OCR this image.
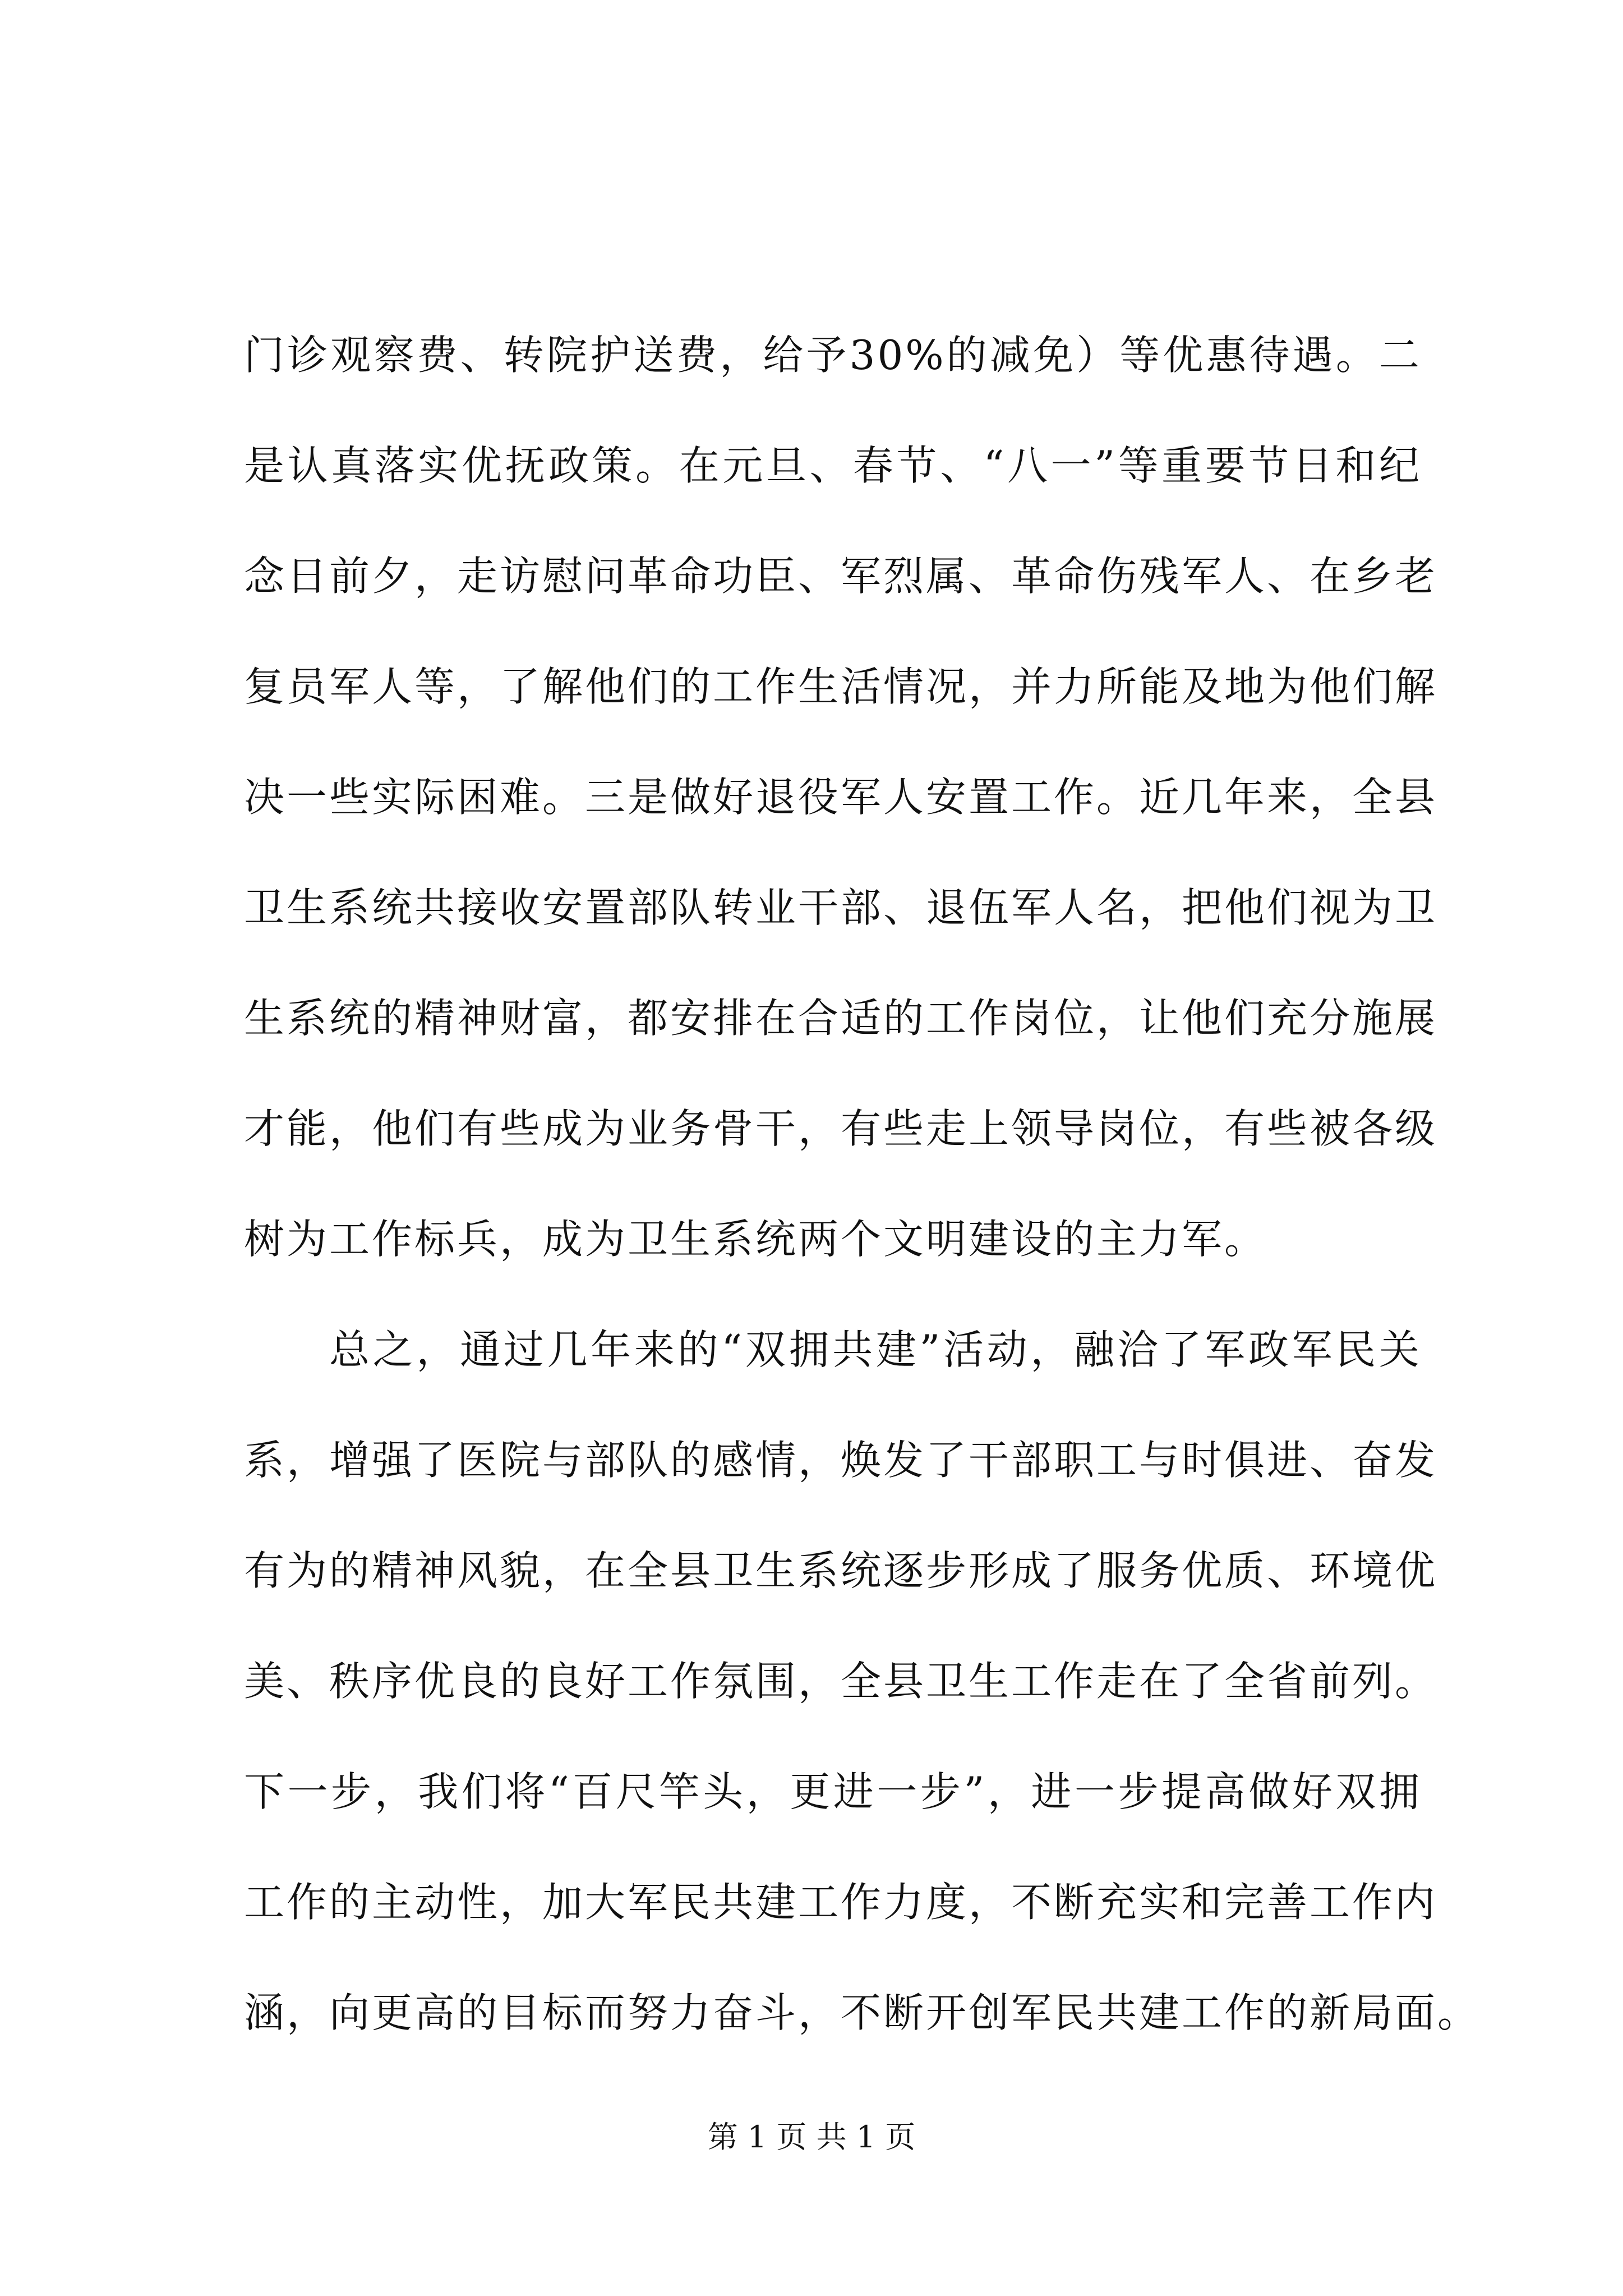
门诊观察费、转院护送费，给予30%的减免）等优惠待遇。二
是认真落实优抚政策。在元旦、春节、“八一”等重要节日和纪
念日前夕，走访慰问革命功臣、军烈属、革命伤残军人、在乡老
复员军人等，了解他们的工作生活情况，并力所能及地为他们解
决一些实际困难。三是做好退役军人安置工作。近几年来，全县
卫生系统共接收安置部队转业干部、退伍军人名，把他们视为卫
生系统的精神财富，都安排在合适的工作岗位，让他们充分施展
才能，他们有些成为业务骨干，有些走上领导岗位，有些被各级
树为工作标兵，成为卫生系统两个文明建设的主力军。
总之，通过几年来的“双拥共建”活动，融洽了军政军民关
系，增强了医院与部队的感情，焕发了干部职工与时俱进、奋发
有为的精神风貌，在全县卫生系统逐步形成了服务优质、环境优
美、秩序优良的良好工作氛围，全县卫生工作走在了全省前列。
下一步，我们将“百尺竿头，更进一步”，进一步提高做好双拥
工作的主动性，加大军民共建工作力度，不断充实和完善工作内
涵，向更高的目标而努力奋斗，不断开创军民共建工作的新局面。
第 1 页 共 1 页
